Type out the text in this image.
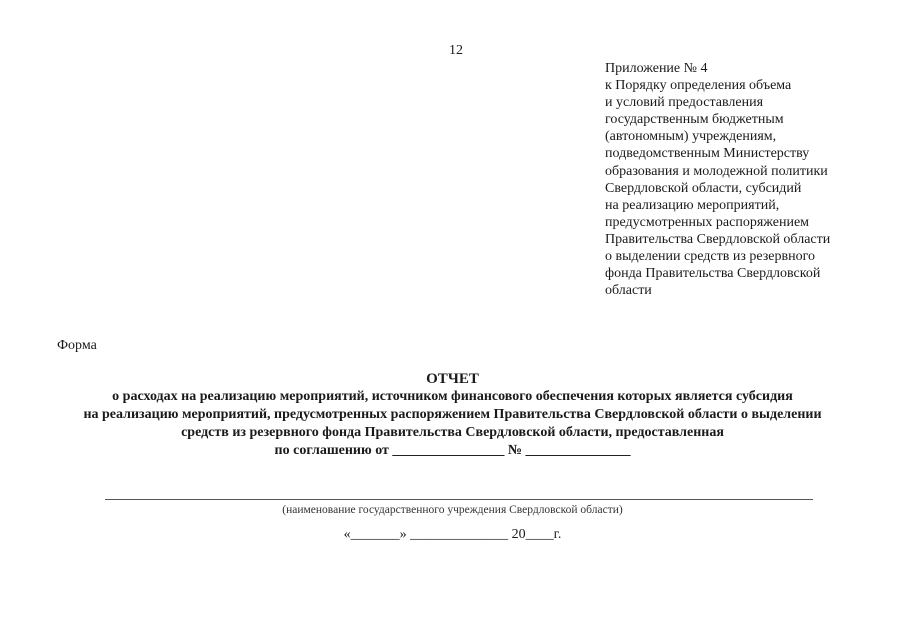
12
Приложение № 4
к Порядку определения объема
и условий предоставления
государственным бюджетным
(автономным) учреждениям,
подведомственным Министерству
образования и молодежной политики
Свердловской области, субсидий
на реализацию мероприятий,
предусмотренных распоряжением
Правительства Свердловской области
о выделении средств из резервного
фонда Правительства Свердловской
области
Форма
ОТЧЕТ
о расходах на реализацию мероприятий, источником финансового обеспечения которых является субсидия
на реализацию мероприятий, предусмотренных распоряжением Правительства Свердловской области о выделении
средств из резервного фонда Правительства Свердловской области, предоставленная
по соглашению от ________________ № _______________
(наименование государственного учреждения Свердловской области)
«_______» ______________ 20____г.
